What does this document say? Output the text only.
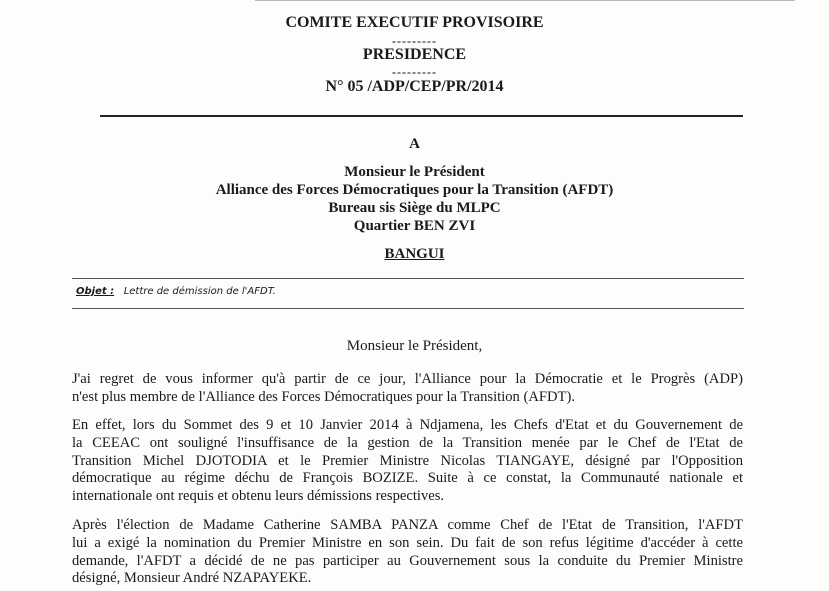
COMITE EXECUTIF PROVISOIRE
---------
PRESIDENCE
---------
N° 05 /ADP/CEP/PR/2014
A
Monsieur le Président
Alliance des Forces Démocratiques pour la Transition (AFDT)
Bureau sis Siège du MLPC
Quartier BEN ZVI
BANGUI
Objet : Lettre de démission de l'AFDT.
Monsieur le Président,
J'ai regret de vous informer qu'à partir de ce jour, l'Alliance pour la Démocratie et le Progrès (ADP)
n'est plus membre de l'Alliance des Forces Démocratiques pour la Transition (AFDT).
En effet, lors du Sommet des 9 et 10 Janvier 2014 à Ndjamena, les Chefs d'Etat et du Gouvernement de
la CEEAC ont souligné l'insuffisance de la gestion de la Transition menée par le Chef de l'Etat de
Transition Michel DJOTODIA et le Premier Ministre Nicolas TIANGAYE, désigné par l'Opposition
démocratique au régime déchu de François BOZIZE. Suite à ce constat, la Communauté nationale et
internationale ont requis et obtenu leurs démissions respectives.
Après l'élection de Madame Catherine SAMBA PANZA comme Chef de l'Etat de Transition, l'AFDT
lui a exigé la nomination du Premier Ministre en son sein. Du fait de son refus légitime d'accéder à cette
demande, l'AFDT a décidé de ne pas participer au Gouvernement sous la conduite du Premier Ministre
désigné, Monsieur André NZAPAYEKE.
